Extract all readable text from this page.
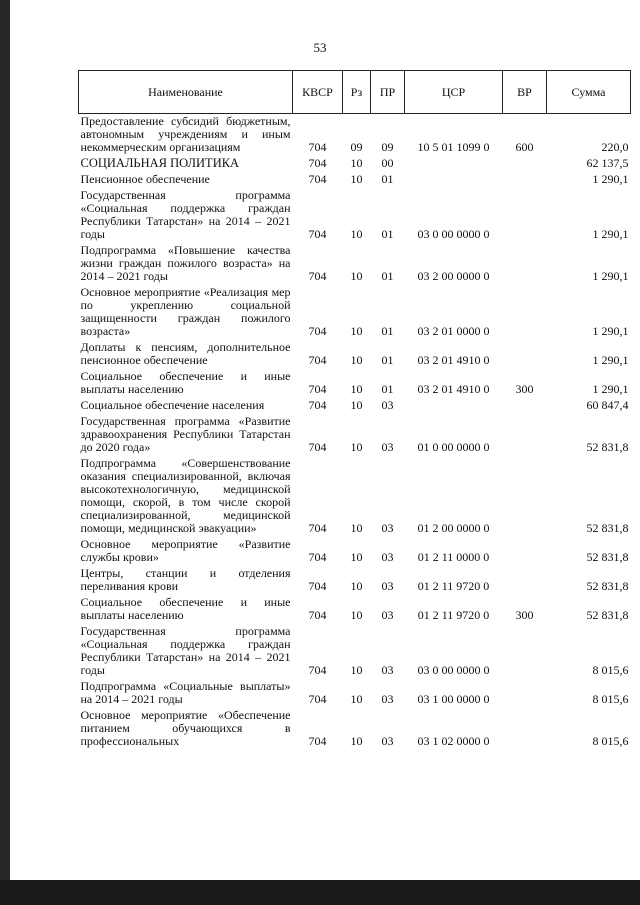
53
Наименование	КВСР	Рз	ПР	ЦСР	ВР	Сумма
Предоставление субсидий бюджетным, автономным учреждениям и иным некоммерческим организациям	704	09	09	10 5 01 1099 0	600	220,0
СОЦИАЛЬНАЯ ПОЛИТИКА	704	10	00			62 137,5
Пенсионное обеспечение	704	10	01			1 290,1
Государственная программа «Социальная поддержка граждан Республики Татарстан» на 2014 – 2021 годы	704	10	01	03 0 00 0000 0		1 290,1
Подпрограмма «Повышение качества жизни граждан пожилого возраста» на 2014 – 2021 годы	704	10	01	03 2 00 0000 0		1 290,1
Основное мероприятие «Реализация мер по укреплению социальной защищенности граждан пожилого возраста»	704	10	01	03 2 01 0000 0		1 290,1
Доплаты к пенсиям, дополнительное пенсионное обеспечение	704	10	01	03 2 01 4910 0		1 290,1
Социальное обеспечение и иные выплаты населению	704	10	01	03 2 01 4910 0	300	1 290,1
Социальное обеспечение населения	704	10	03			60 847,4
Государственная программа «Развитие здравоохранения Республики Татарстан до 2020 года»	704	10	03	01 0 00 0000 0		52 831,8
Подпрограмма «Совершенствование оказания специализированной, включая высокотехнологичную, медицинской помощи, скорой, в том числе скорой специализированной, медицинской помощи, медицинской эвакуации»	704	10	03	01 2 00 0000 0		52 831,8
Основное мероприятие «Развитие службы крови»	704	10	03	01 2 11 0000 0		52 831,8
Центры, станции и отделения переливания крови	704	10	03	01 2 11 9720 0		52 831,8
Социальное обеспечение и иные выплаты населению	704	10	03	01 2 11 9720 0	300	52 831,8
Государственная программа «Социальная поддержка граждан Республики Татарстан» на 2014 – 2021 годы	704	10	03	03 0 00 0000 0		8 015,6
Подпрограмма «Социальные выплаты» на 2014 – 2021 годы	704	10	03	03 1 00 0000 0		8 015,6
Основное мероприятие «Обеспечение питанием обучающихся в профессиональных	704	10	03	03 1 02 0000 0		8 015,6
